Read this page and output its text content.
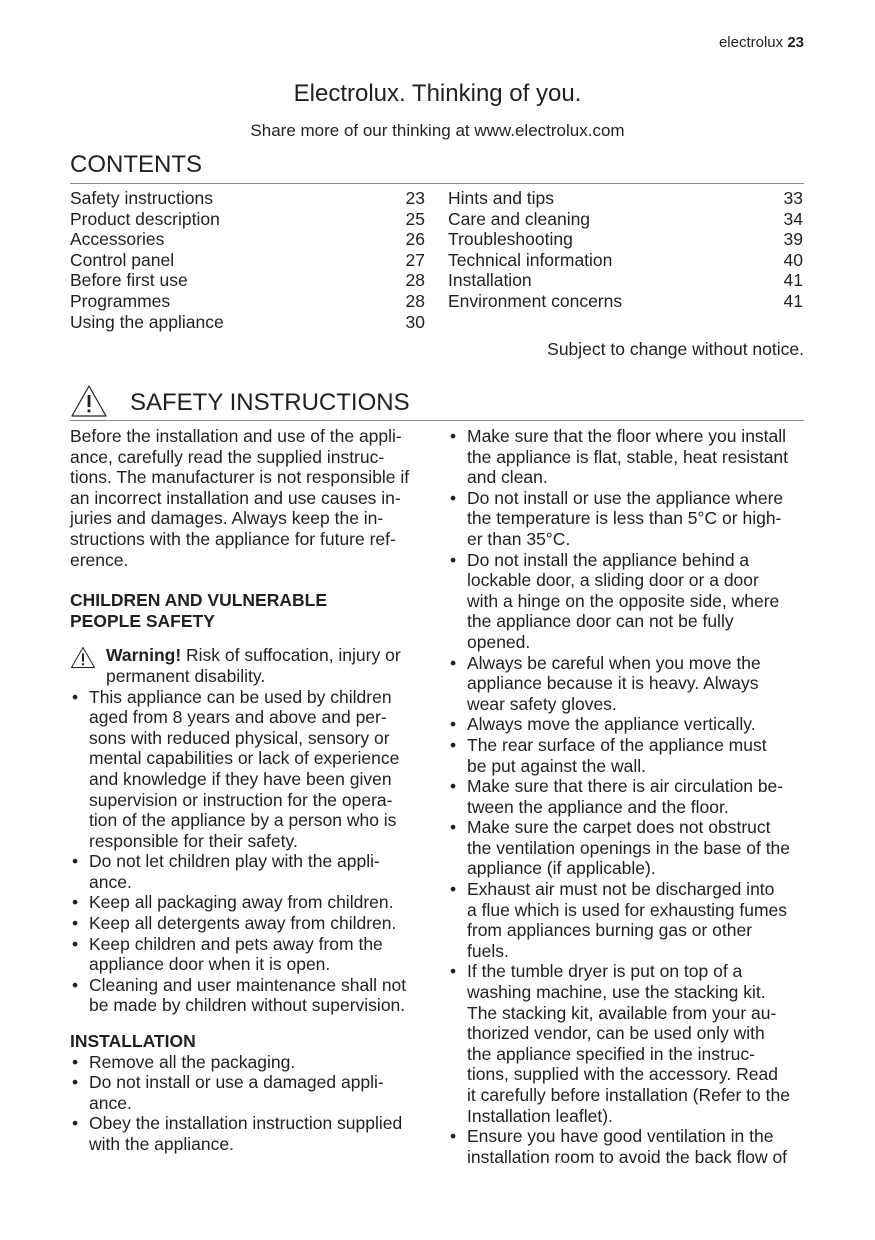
electrolux 23
Electrolux. Thinking of you.
Share more of our thinking at www.electrolux.com
CONTENTS
Safety instructions	23
Product description	25
Accessories	26
Control panel	27
Before first use	28
Programmes	28
Using the appliance	30
Hints and tips	33
Care and cleaning	34
Troubleshooting	39
Technical information	40
Installation	41
Environment concerns	41
Subject to change without notice.
SAFETY INSTRUCTIONS

Before the installation and use of the appli-
ance, carefully read the supplied instruc-
tions. The manufacturer is not responsible if
an incorrect installation and use causes in-
juries and damages. Always keep the in-
structions with the appliance for future ref-
erence.

CHILDREN AND VULNERABLE
PEOPLE SAFETY
Warning! Risk of suffocation, injury or permanent disability.
• This appliance can be used by children
aged from 8 years and above and per-
sons with reduced physical, sensory or
mental capabilities or lack of experience
and knowledge if they have been given
supervision or instruction for the opera-
tion of the appliance by a person who is
responsible for their safety.
• Do not let children play with the appli-
ance.
• Keep all packaging away from children.
• Keep all detergents away from children.
• Keep children and pets away from the
appliance door when it is open.
• Cleaning and user maintenance shall not
be made by children without supervision.
INSTALLATION
• Remove all the packaging.
• Do not install or use a damaged appli-
ance.
• Obey the installation instruction supplied
with the appliance.
• Make sure that the floor where you install
the appliance is flat, stable, heat resistant
and clean.
• Do not install or use the appliance where
the temperature is less than 5°C or high-
er than 35°C.
• Do not install the appliance behind a
lockable door, a sliding door or a door
with a hinge on the opposite side, where
the appliance door can not be fully
opened.
• Always be careful when you move the
appliance because it is heavy. Always
wear safety gloves.
• Always move the appliance vertically.
• The rear surface of the appliance must
be put against the wall.
• Make sure that there is air circulation be-
tween the appliance and the floor.
• Make sure the carpet does not obstruct
the ventilation openings in the base of the
appliance (if applicable).
• Exhaust air must not be discharged into
a flue which is used for exhausting fumes
from appliances burning gas or other
fuels.
• If the tumble dryer is put on top of a
washing machine, use the stacking kit.
The stacking kit, available from your au-
thorized vendor, can be used only with
the appliance specified in the instruc-
tions, supplied with the accessory. Read
it carefully before installation (Refer to the
Installation leaflet).
• Ensure you have good ventilation in the
installation room to avoid the back flow of
